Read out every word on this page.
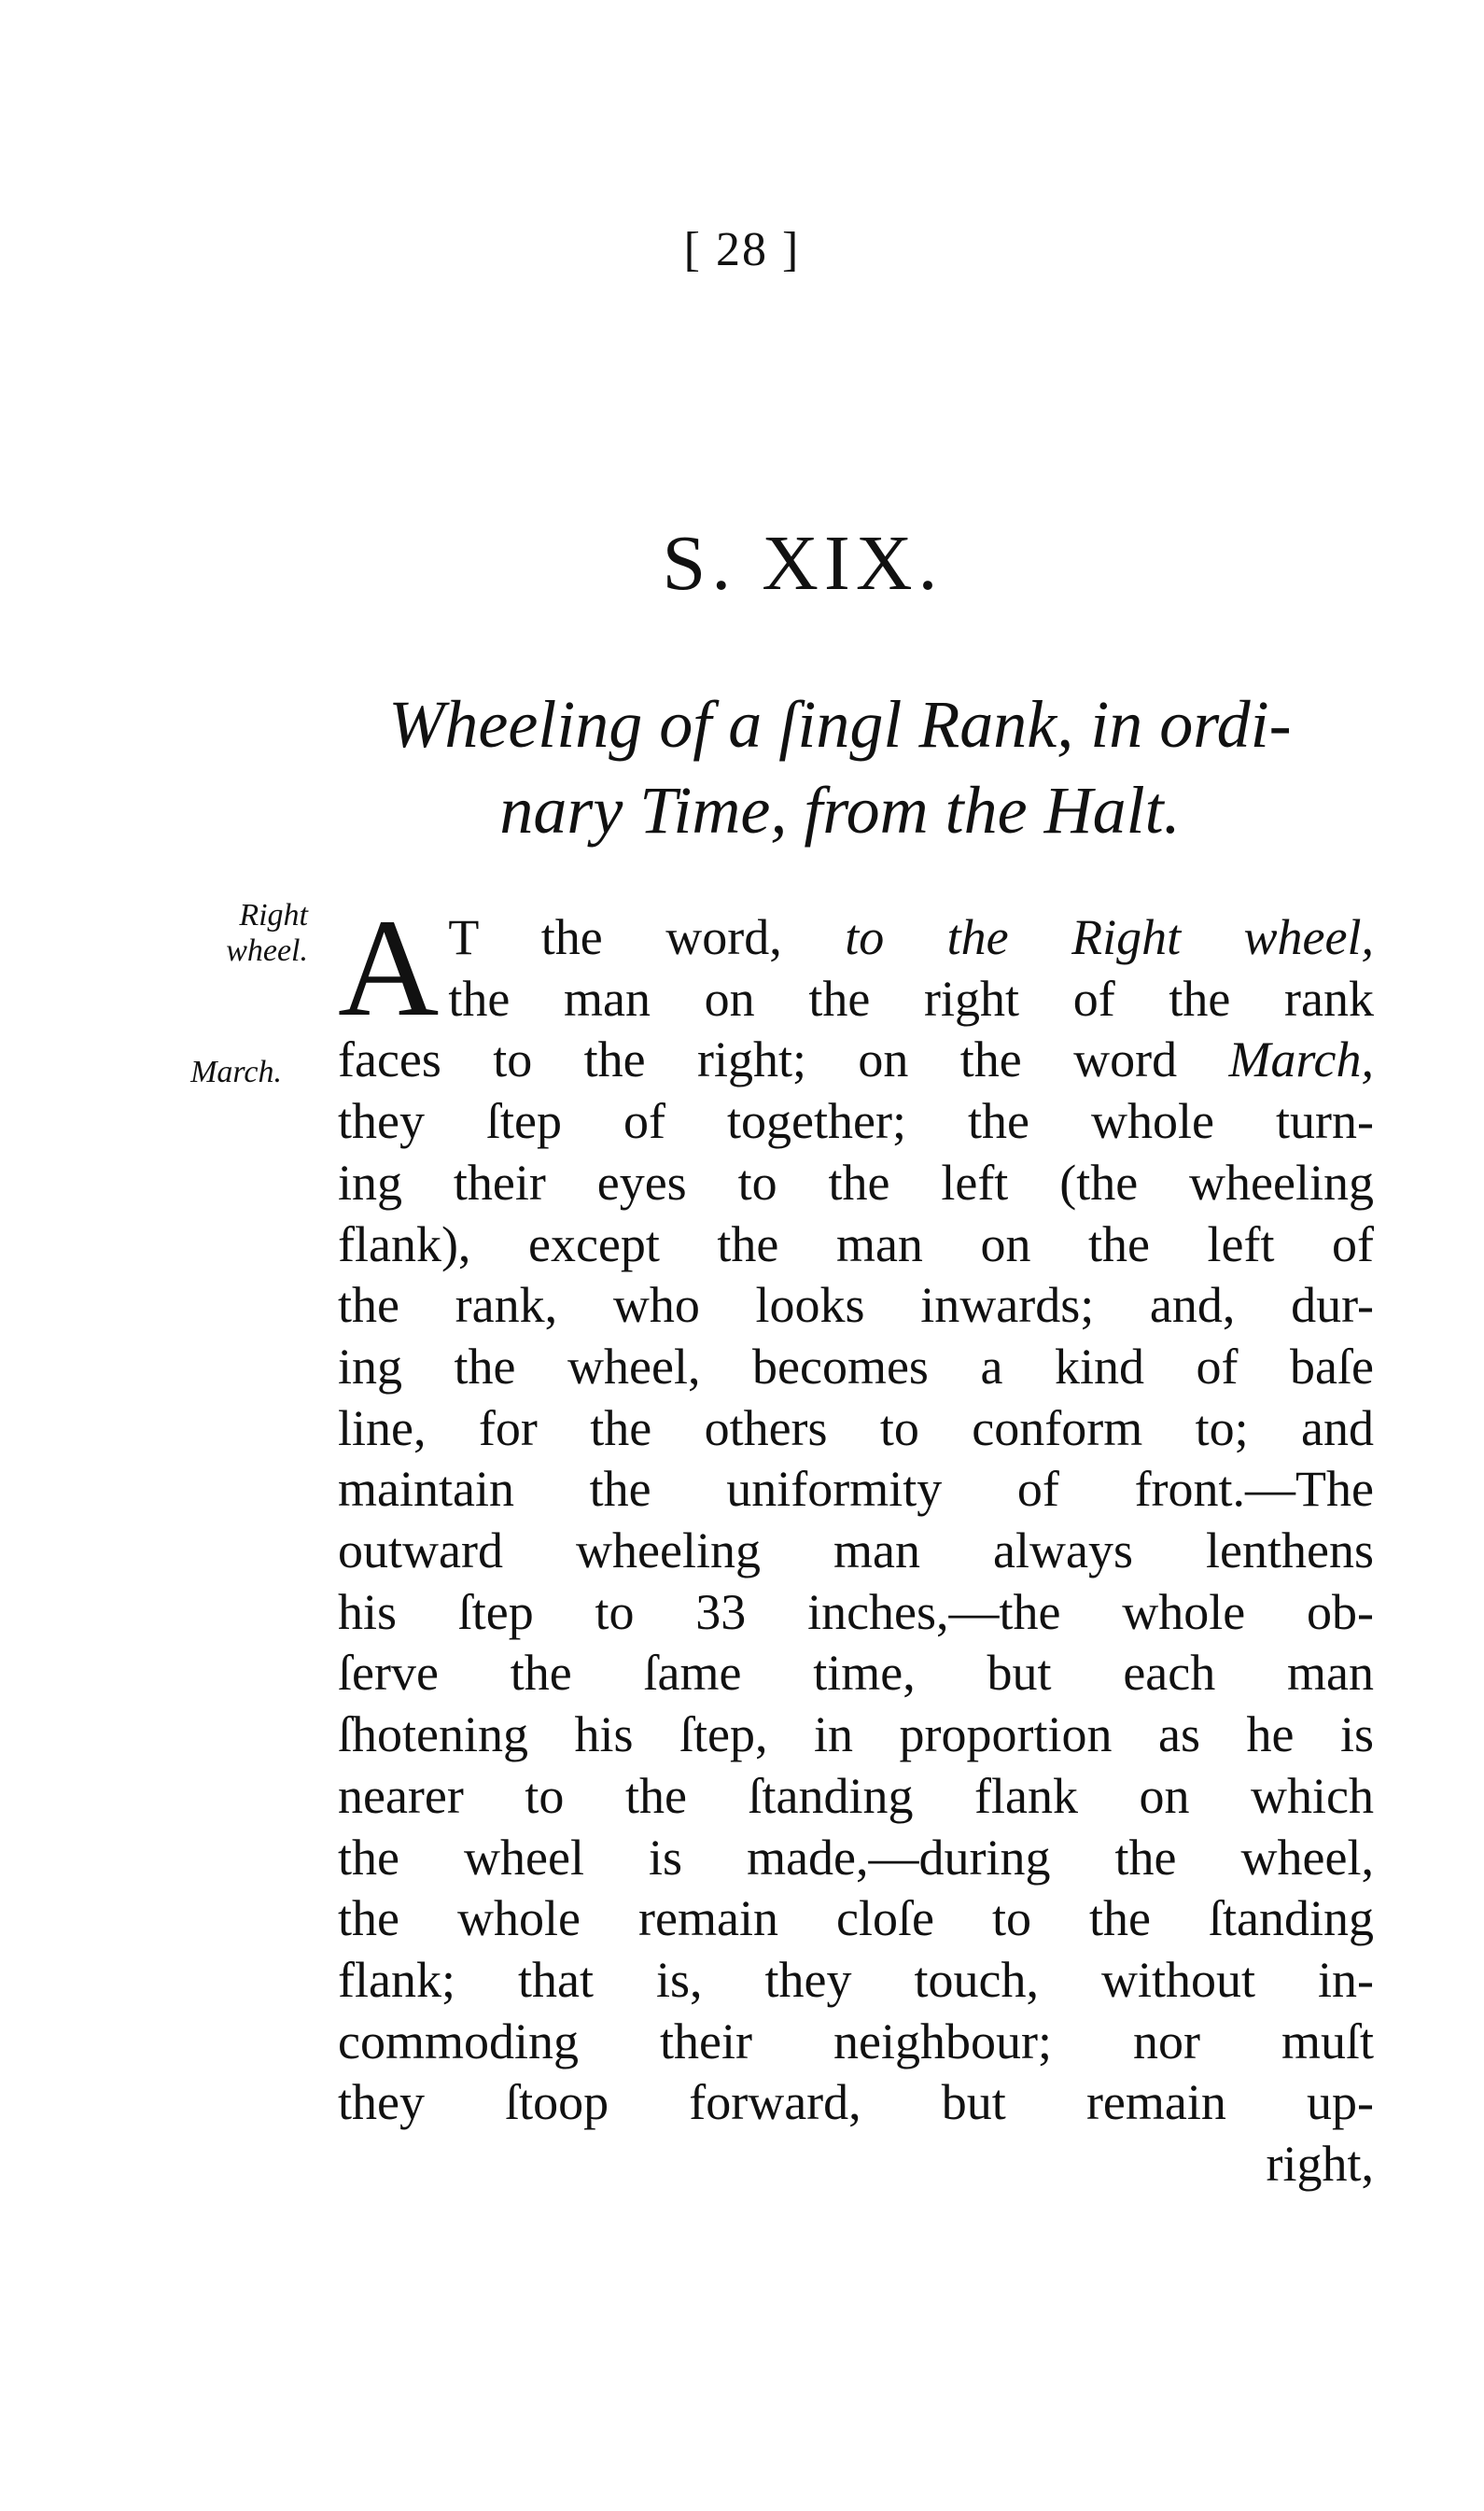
[ 28 ]
S. XIX.
Wheeling of a ſingl Rank, in ordi-
nary Time, from the Halt.
Right
wheel.
March.
A T the word, to the Right wheel,
the man on the right of the rank
faces to the right; on the word March,
they ſtep of together; the whole turn-
ing their eyes to the left (the wheeling
flank), except the man on the left of
the rank, who looks inwards; and, dur-
ing the wheel, becomes a kind of baſe
line, for the others to conform to; and
maintain the uniformity of front.—The
outward wheeling man always lenthens
his ſtep to 33 inches,—the whole ob-
ſerve the ſame time, but each man
ſhotening his ſtep, in proportion as he is
nearer to the ſtanding flank on which
the wheel is made,—during the wheel,
the whole remain cloſe to the ſtanding
flank; that is, they touch, without in-
commoding their neighbour; nor muſt
they ſtoop forward, but remain up-
right,
